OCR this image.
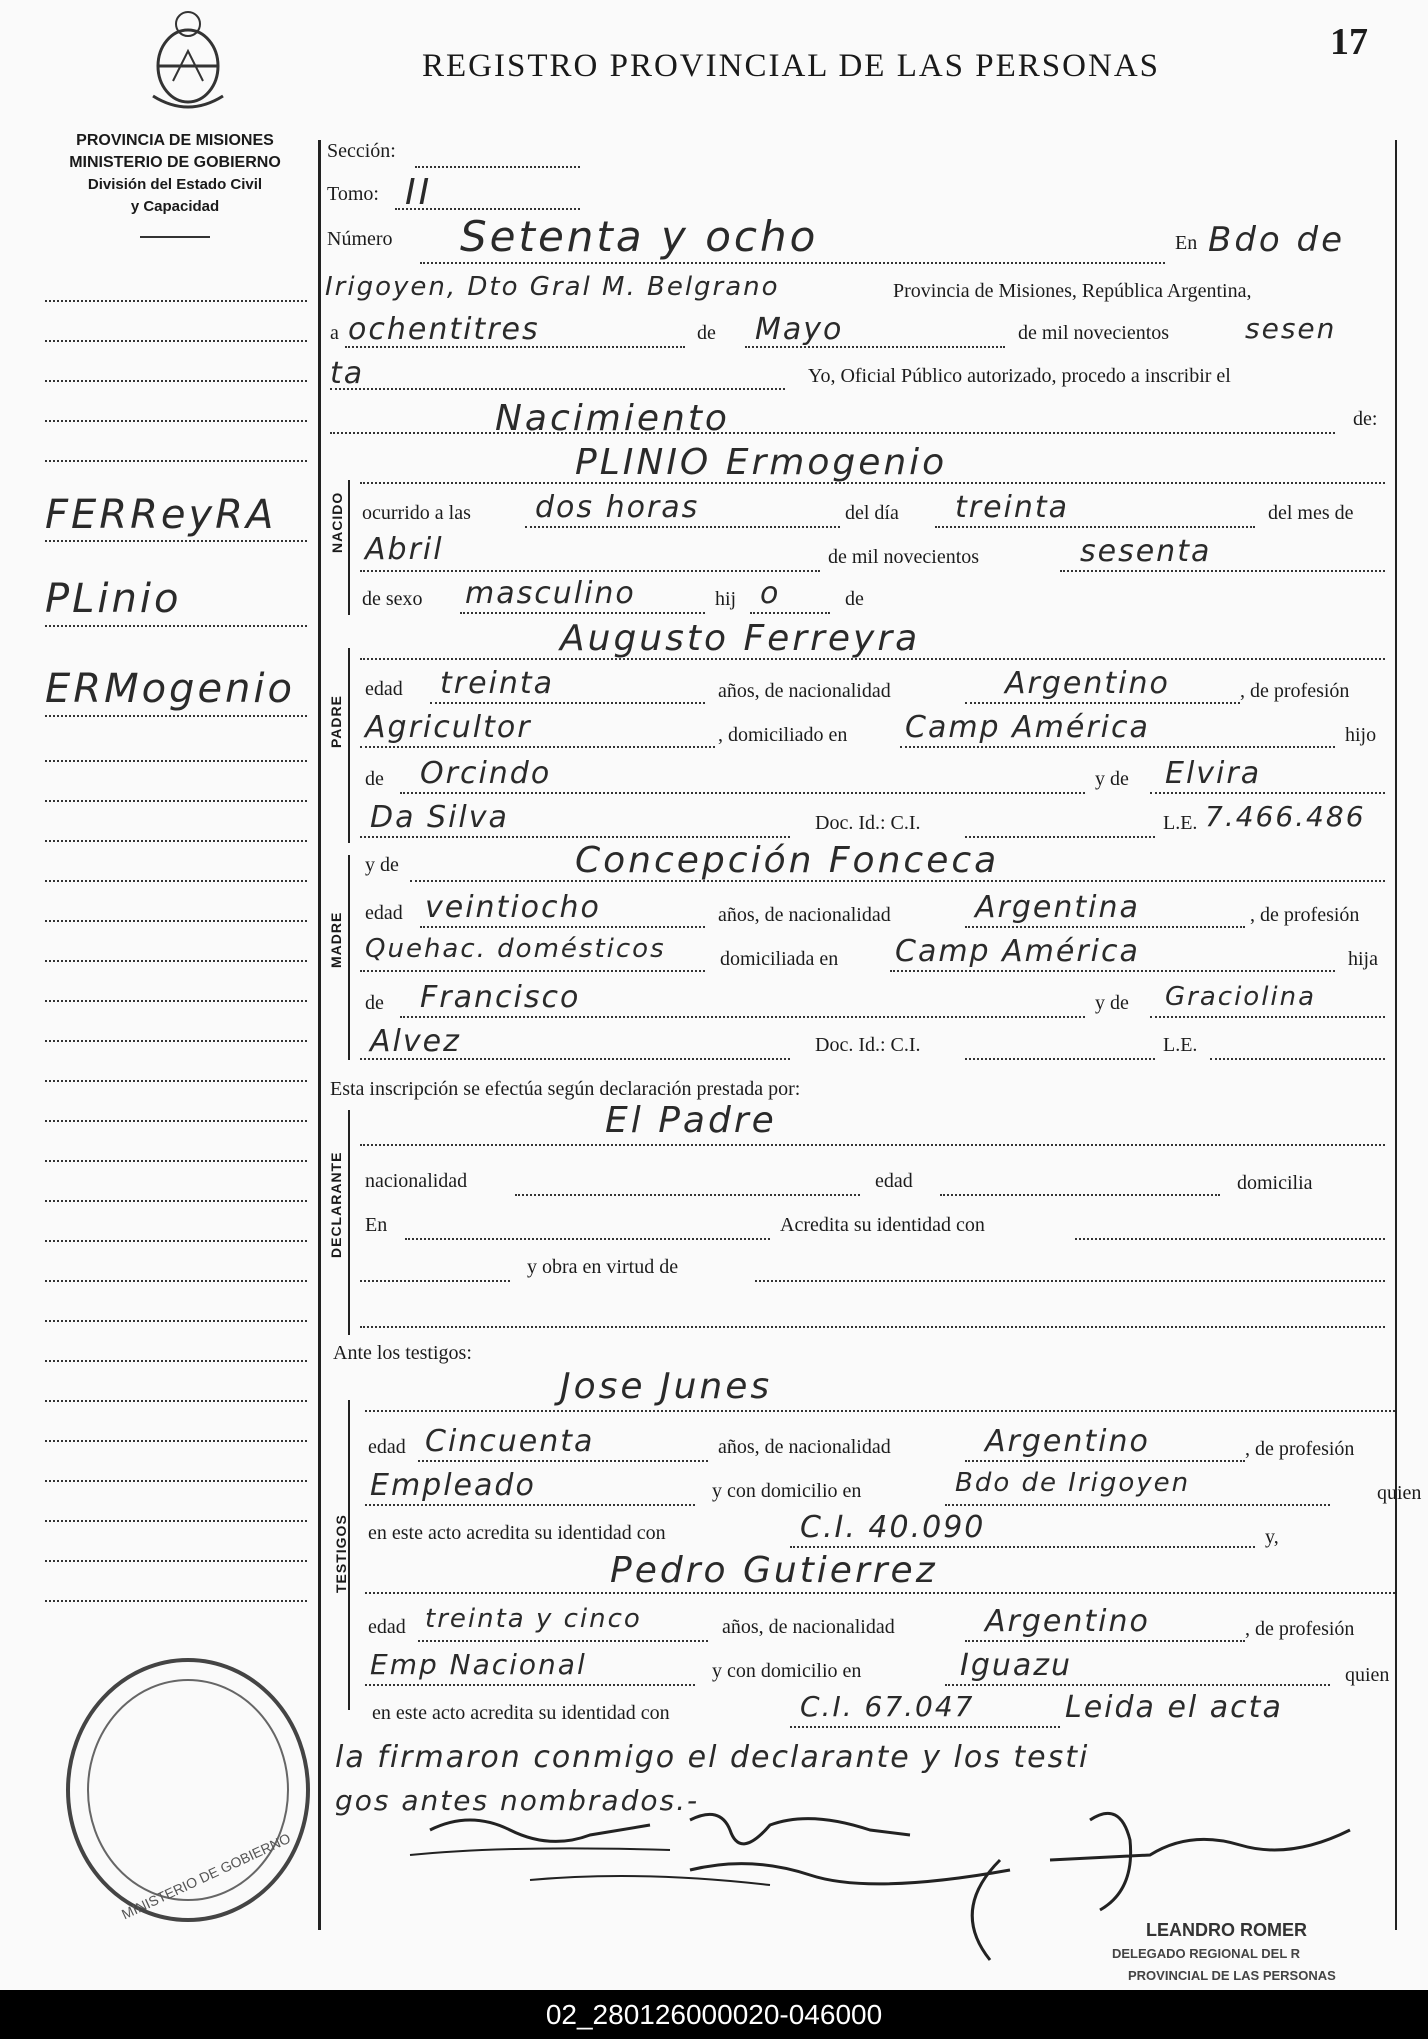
17
REGISTRO PROVINCIAL DE LAS PERSONAS
PROVINCIA DE MISIONES
MINISTERIO DE GOBIERNO
División del Estado Civil
y Capacidad
FERReyRA
PLinio
ERMogenio
MINISTERIO DE GOBIERNO
Sección:
Tomo: II
Número Setenta y ocho	En Bdo de
Irigoyen, Dto Gral M. Belgrano	Provincia de Misiones, República Argentina,
a ochentitres	de Mayo	de mil novecientos	sesen
ta	Yo, Oficial Público autorizado, procedo a inscribir el
Nacimiento	de:
NACIDO
PLINIO Ermogenio
ocurrido a las dos horas	del día treinta	del mes de
Abril	de mil novecientos	sesenta
de sexo masculino	hij o	de
PADRE
Augusto Ferreyra
edad treinta	años, de nacionalidad	Argentino	, de profesión
Agricultor	, domiciliado en Camp América	hijo
de Orcindo	y de Elvira
Da Silva	Doc. Id.: C.I.	L.E. 7.466.486
MADRE
y de	Concepción Fonceca
edad veintiocho	años, de nacionalidad	Argentina	, de profesión
Quehac. domésticos	domiciliada en Camp América	hija
de Francisco	y de Graciolina
Alvez	Doc. Id.: C.I.	L.E.
Esta inscripción se efectúa según declaración prestada por:
DECLARANTE
El Padre
nacionalidad	edad	domicilia
En	Acredita su identidad con
y obra en virtud de
Ante los testigos:
TESTIGOS
Jose Junes
edad Cincuenta	años, de nacionalidad	Argentino	, de profesión
Empleado	y con domicilio en	Bdo de Irigoyen	quien
en este acto acredita su identidad con	C.I. 40.090	y,
Pedro Gutierrez
edad treinta y cinco	años, de nacionalidad	Argentino	, de profesión
Emp Nacional	y con domicilio en	Iguazu	quien
en este acto acredita su identidad con	C.I. 67.047	Leida el acta
la firmaron conmigo el declarante y los testi
gos antes nombrados.-
LEANDRO ROMER
DELEGADO REGIONAL DEL R
PROVINCIAL DE LAS PERSONAS
02_280126000020-046000
